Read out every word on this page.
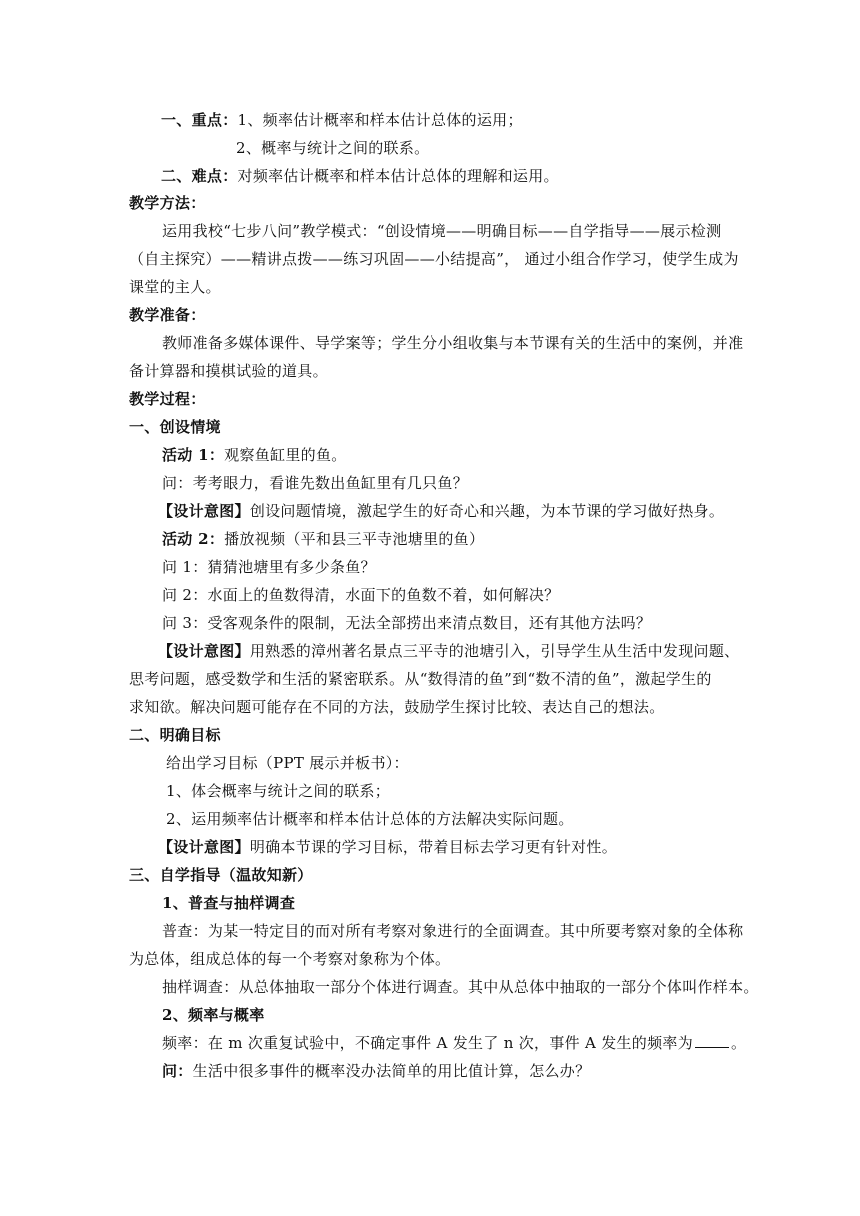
一、重点：1、频率估计概率和样本估计总体的运用；
2、概率与统计之间的联系。
二、难点：对频率估计概率和样本估计总体的理解和运用。
教学方法：
运用我校“七步八问”教学模式：“创设情境——明确目标——自学指导——展示检测
（自主探究）——精讲点拨——练习巩固——小结提高”， 通过小组合作学习，使学生成为
课堂的主人。
教学准备：
教师准备多媒体课件、导学案等；学生分小组收集与本节课有关的生活中的案例，并准
备计算器和摸棋试验的道具。
教学过程：
一、创设情境
活动 1：观察鱼缸里的鱼。
问：考考眼力，看谁先数出鱼缸里有几只鱼？
【设计意图】创设问题情境，激起学生的好奇心和兴趣，为本节课的学习做好热身。
活动 2：播放视频（平和县三平寺池塘里的鱼）
问 1：猜猜池塘里有多少条鱼？
问 2：水面上的鱼数得清，水面下的鱼数不着，如何解决？
问 3：受客观条件的限制，无法全部捞出来清点数目，还有其他方法吗？
【设计意图】用熟悉的漳州著名景点三平寺的池塘引入，引导学生从生活中发现问题、
思考问题，感受数学和生活的紧密联系。从“数得清的鱼”到“数不清的鱼”，激起学生的
求知欲。解决问题可能存在不同的方法，鼓励学生探讨比较、表达自己的想法。
二、明确目标
给出学习目标（PPT 展示并板书）：
1、体会概率与统计之间的联系；
2、运用频率估计概率和样本估计总体的方法解决实际问题。
【设计意图】明确本节课的学习目标，带着目标去学习更有针对性。
三、自学指导（温故知新）
1、普查与抽样调查
普查：为某一特定目的而对所有考察对象进行的全面调查。其中所要考察对象的全体称
为总体，组成总体的每一个考察对象称为个体。
抽样调查：从总体抽取一部分个体进行调查。其中从总体中抽取的一部分个体叫作样本。
2、频率与概率
频率：在 m 次重复试验中，不确定事件 A 发生了 n 次，事件 A 发生的频率为	。
问：生活中很多事件的概率没办法简单的用比值计算，怎么办？
